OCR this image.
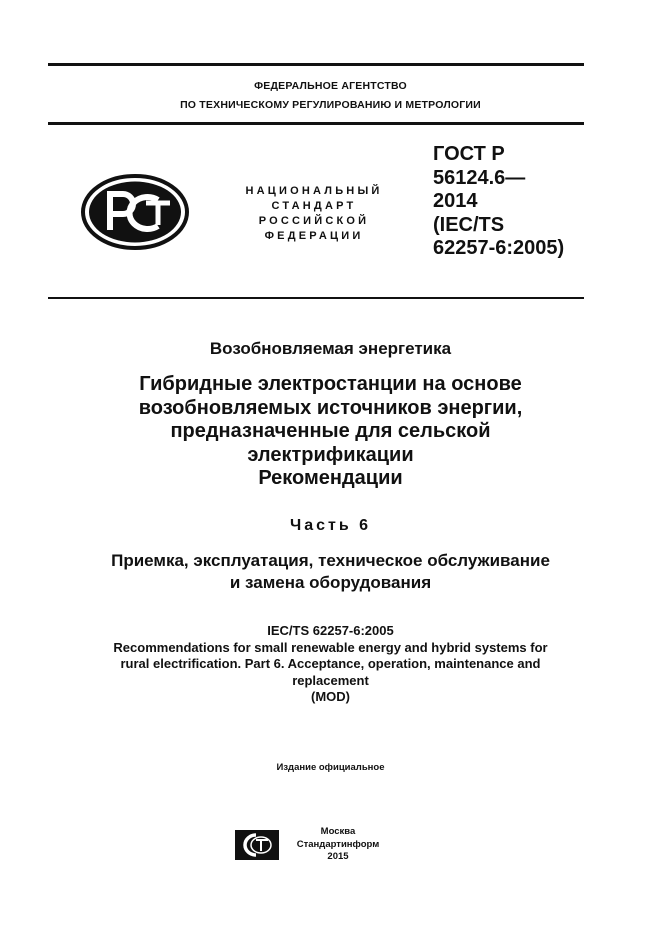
ФЕДЕРАЛЬНОЕ АГЕНТСТВО
ПО ТЕХНИЧЕСКОМУ РЕГУЛИРОВАНИЮ И МЕТРОЛОГИИ
НАЦИОНАЛЬНЫЙ
СТАНДАРТ
РОССИЙСКОЙ
ФЕДЕРАЦИИ
ГОСТ Р
56124.6—
2014
(IEC/TS
62257-6:2005)
Возобновляемая энергетика
Гибридные электростанции на основе
возобновляемых источников энергии,
предназначенные для сельской
электрификации
Рекомендации
Часть 6
Приемка, эксплуатация, техническое обслуживание
и замена оборудования
IEC/TS 62257-6:2005
Recommendations for small renewable energy and hybrid systems for
rural electrification. Part 6. Acceptance, operation, maintenance and
replacement
(MOD)
Издание официальное
Москва
Стандартинформ
2015
